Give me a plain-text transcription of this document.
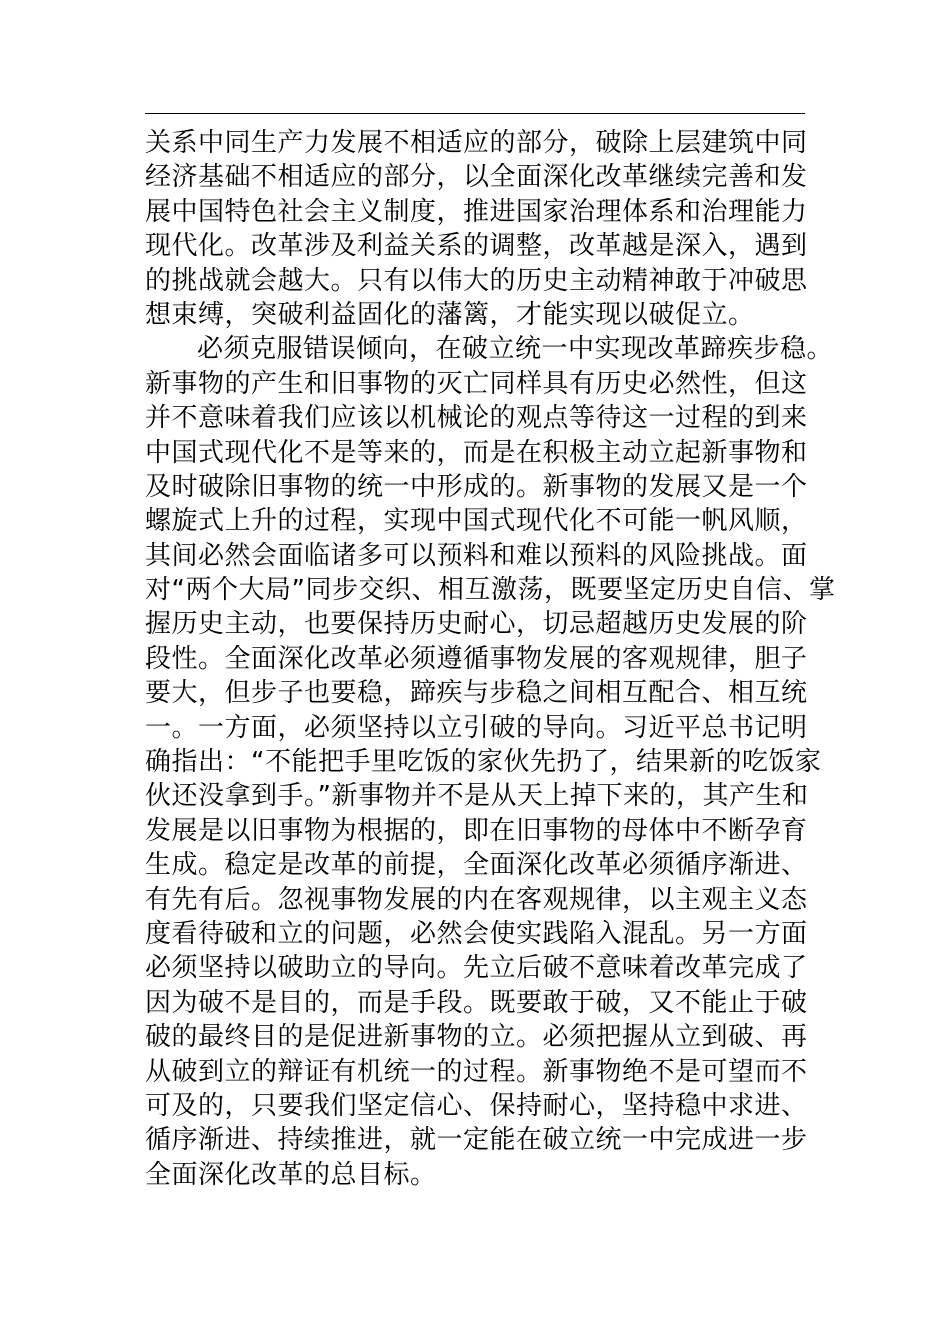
关系中同生产力发展不相适应的部分，破除上层建筑中同

经济基础不相适应的部分，以全面深化改革继续完善和发

展中国特色社会主义制度，推进国家治理体系和治理能力

现代化。改革涉及利益关系的调整，改革越是深入，遇到

的挑战就会越大。只有以伟大的历史主动精神敢于冲破思

想束缚，突破利益固化的藩篱，才能实现以破促立。

必须克服错误倾向，在破立统一中实现改革蹄疾步稳。

新事物的产生和旧事物的灭亡同样具有历史必然性，但这

并不意味着我们应该以机械论的观点等待这一过程的到来

中国式现代化不是等来的，而是在积极主动立起新事物和

及时破除旧事物的统一中形成的。新事物的发展又是一个

螺旋式上升的过程，实现中国式现代化不可能一帆风顺，

其间必然会面临诸多可以预料和难以预料的风险挑战。面

对“两个大局”同步交织、相互激荡，既要坚定历史自信、掌

握历史主动，也要保持历史耐心，切忌超越历史发展的阶

段性。全面深化改革必须遵循事物发展的客观规律，胆子

要大，但步子也要稳，蹄疾与步稳之间相互配合、相互统

一。一方面，必须坚持以立引破的导向。习近平总书记明

确指出：“不能把手里吃饭的家伙先扔了，结果新的吃饭家

伙还没拿到手。”新事物并不是从天上掉下来的，其产生和

发展是以旧事物为根据的，即在旧事物的母体中不断孕育

生成。稳定是改革的前提，全面深化改革必须循序渐进、

有先有后。忽视事物发展的内在客观规律，以主观主义态

度看待破和立的问题，必然会使实践陷入混乱。另一方面

必须坚持以破助立的导向。先立后破不意味着改革完成了

因为破不是目的，而是手段。既要敢于破，又不能止于破

破的最终目的是促进新事物的立。必须把握从立到破、再

从破到立的辩证有机统一的过程。新事物绝不是可望而不

可及的，只要我们坚定信心、保持耐心，坚持稳中求进、

循序渐进、持续推进，就一定能在破立统一中完成进一步

全面深化改革的总目标。
